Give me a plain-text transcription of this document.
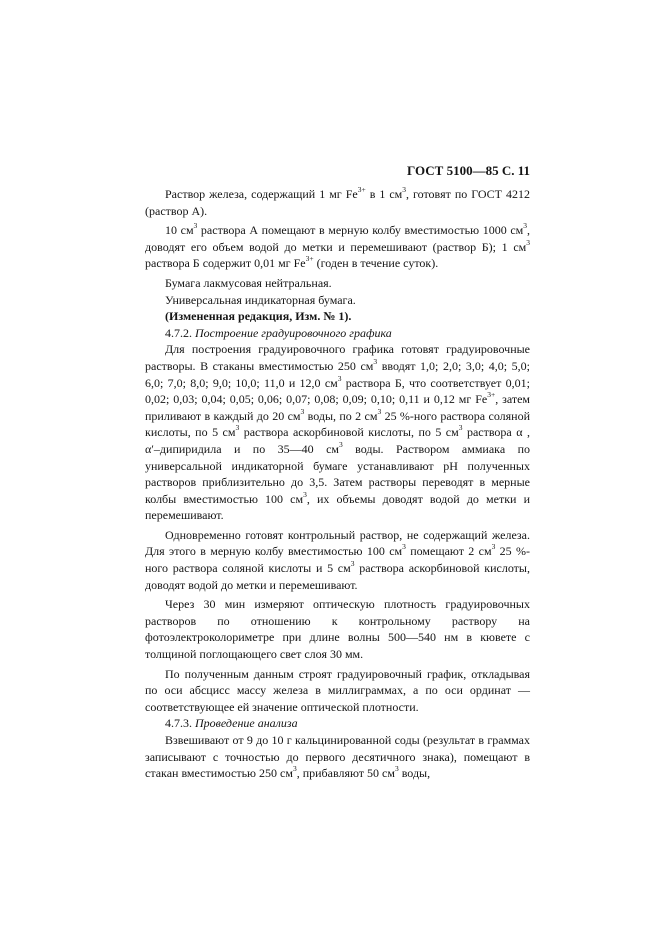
ГОСТ 5100—85 С. 11

Раствор железа, содержащий 1 мг $Fe^{3+}$ в 1 $см^3$, готовят по ГОСТ 4212 (раствор А).

10 $см^3$ раствора А помещают в мерную колбу вместимостью 1000 $см^3$, доводят его объем водой до метки и перемешивают (раствор Б); 1 $см^3$ раствора Б содержит 0,01 мг $Fe^{3+}$ (годен в течение суток).

Бумага лакмусовая нейтральная.

Универсальная индикаторная бумага.

(Измененная редакция, Изм. № 1).

4.7.2. Построение градуировочного графика

Для построения градуировочного графика готовят градуировочные растворы. В стаканы вместимостью 250 $см^3$ вводят 1,0; 2,0; 3,0; 4,0; 5,0; 6,0; 7,0; 8,0; 9,0; 10,0; 11,0 и 12,0 $см^3$ раствора Б, что соответствует 0,01; 0,02; 0,03; 0,04; 0,05; 0,06; 0,07; 0,08; 0,09; 0,10; 0,11 и 0,12 мг $Fe^{3+}$, затем приливают в каждый до 20 $см^3$ воды, по 2 $см^3$ 25 %-ного раствора соляной кислоты, по 5 $см^3$ раствора аскорбиновой кислоты, по 5 $см^3$ раствора α , α′–дипиридила и по 35—40 $см^3$ воды. Раствором аммиака по универсальной индикаторной бумаге устанавливают pH полученных растворов приблизительно до 3,5. Затем растворы переводят в мерные колбы вместимостью 100 $см^3$, их объемы доводят водой до метки и перемешивают.

Одновременно готовят контрольный раствор, не содержащий железа. Для этого в мерную колбу вместимостью 100 $см^3$ помещают 2 $см^3$ 25 %-ного раствора соляной кислоты и 5 $см^3$ раствора аскорбиновой кислоты, доводят водой до метки и перемешивают.

Через 30 мин измеряют оптическую плотность градуировочных растворов по отношению к контрольному раствору на фотоэлектроколориметре при длине волны 500—540 нм в кювете с толщиной поглощающего свет слоя 30 мм.

По полученным данным строят градуировочный график, откладывая по оси абсцисс массу железа в миллиграммах, а по оси ординат — соответствующее ей значение оптической плотности.

4.7.3. Проведение анализа

Взвешивают от 9 до 10 г кальцинированной соды (результат в граммах записывают с точностью до первого десятичного знака), помещают в стакан вместимостью 250 $см^3$, прибавляют 50 $см^3$ воды,
